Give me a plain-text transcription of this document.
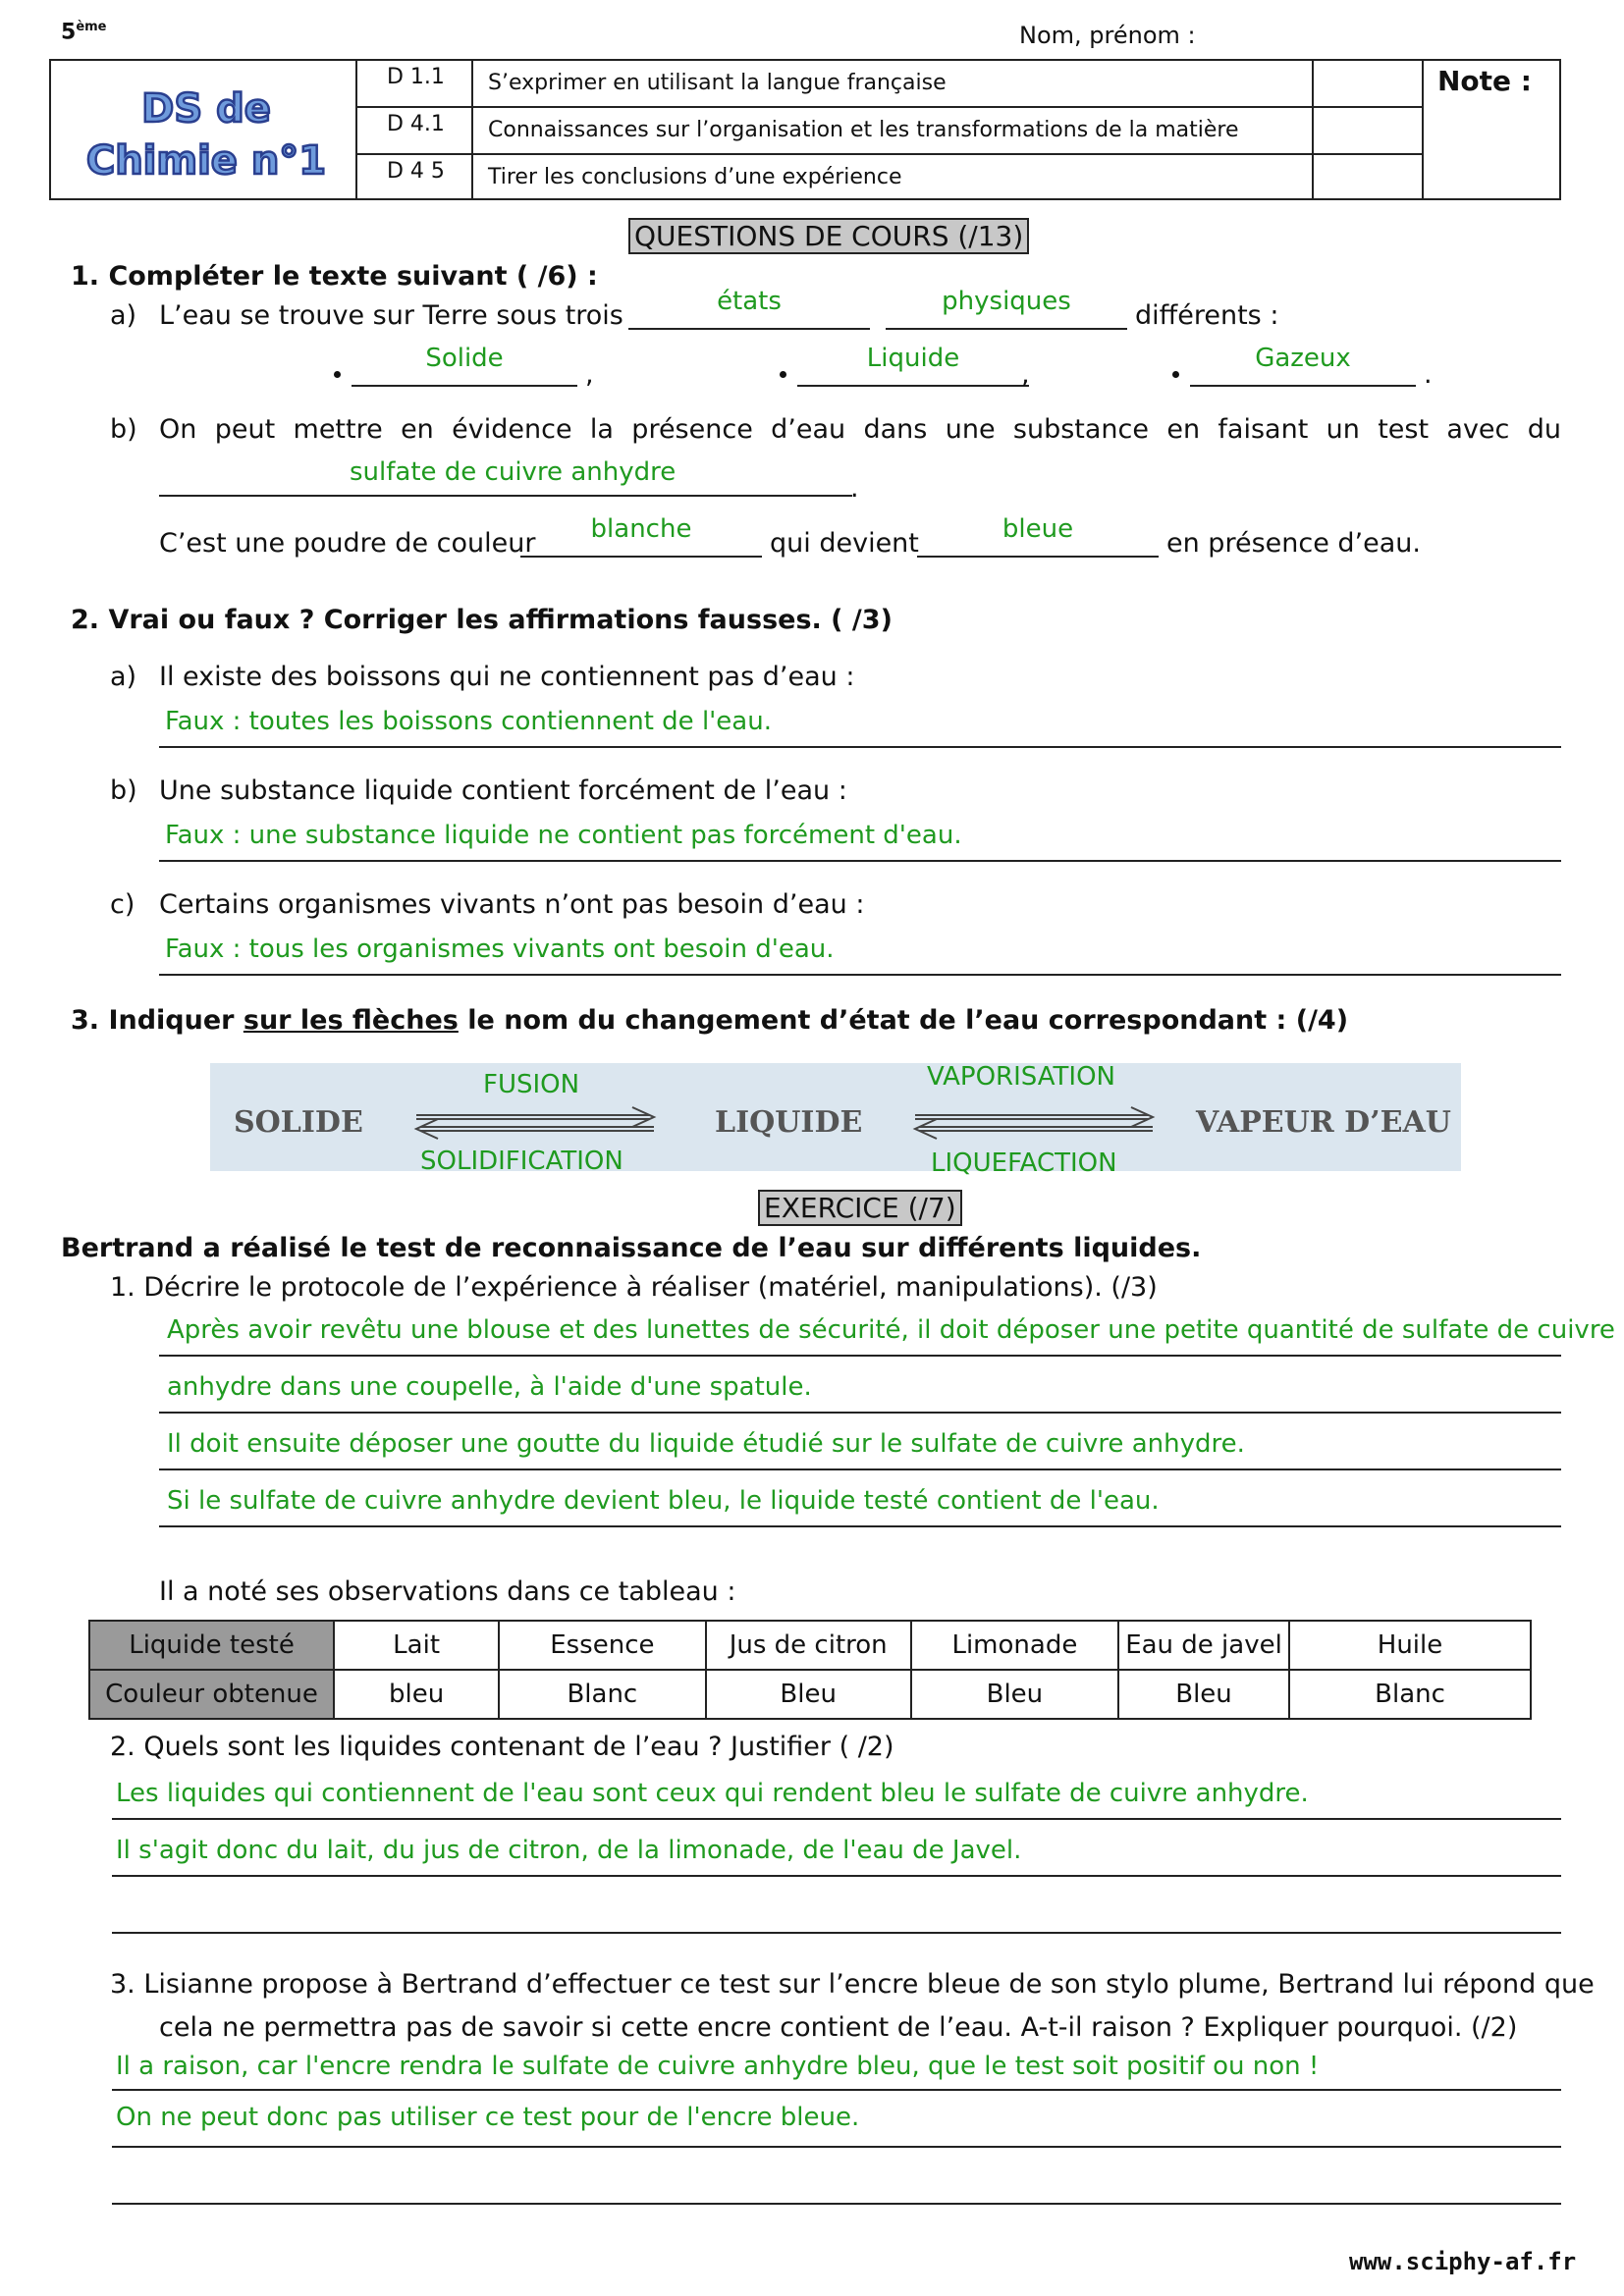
5ème	Nom, prénom :
DS de
Chimie n°1
D 1.1 S’exprimer en utilisant la langue française
D 4.1 Connaissances sur l’organisation et les transformations de la matière
D 4 5 Tirer les conclusions d’une expérience
Note :
QUESTIONS DE COURS (/13)
1. Compléter le texte suivant ( /6) :
a) L’eau se trouve sur Terre sous trois	états	physiques	différents :
Solide
,
Liquide
,
Gazeux
.
b) On peut mettre en évidence la présence d’eau dans une substance en faisant un test avec du
sulfate de cuivre anhydre
.
C’est une poudre de couleur	blanche	qui devient	bleue	en présence d’eau.
2. Vrai ou faux ? Corriger les affirmations fausses. ( /3)
a) Il existe des boissons qui ne contiennent pas d’eau :
Faux : toutes les boissons contiennent de l'eau.
b) Une substance liquide contient forcément de l’eau :
Faux : une substance liquide ne contient pas forcément d'eau.
c) Certains organismes vivants n’ont pas besoin d’eau :
Faux : tous les organismes vivants ont besoin d'eau.
3. Indiquer sur les flèches le nom du changement d’état de l’eau correspondant : (/4)
SOLIDE	LIQUIDE	VAPEUR D’EAU
FUSION
SOLIDIFICATION
VAPORISATION
LIQUEFACTION
EXERCICE (/7)
Bertrand a réalisé le test de reconnaissance de l’eau sur différents liquides.
1. Décrire le protocole de l’expérience à réaliser (matériel, manipulations). (/3)
Après avoir revêtu une blouse et des lunettes de sécurité, il doit déposer une petite quantité de sulfate de cuivre
anhydre dans une coupelle, à l'aide d'une spatule.
Il doit ensuite déposer une goutte du liquide étudié sur le sulfate de cuivre anhydre.
Si le sulfate de cuivre anhydre devient bleu, le liquide testé contient de l'eau.
Il a noté ses observations dans ce tableau :
Liquide testé	Lait	Essence	Jus de citron	Limonade	Eau de javel	Huile
Couleur obtenue	bleu	Blanc	Bleu	Bleu	Bleu	Blanc
2. Quels sont les liquides contenant de l’eau ? Justifier ( /2)
Les liquides qui contiennent de l'eau sont ceux qui rendent bleu le sulfate de cuivre anhydre.
Il s'agit donc du lait, du jus de citron, de la limonade, de l'eau de Javel.
3. Lisianne propose à Bertrand d’effectuer ce test sur l’encre bleue de son stylo plume, Bertrand lui répond que
cela ne permettra pas de savoir si cette encre contient de l’eau. A-t-il raison ? Expliquer pourquoi. (/2)
Il a raison, car l'encre rendra le sulfate de cuivre anhydre bleu, que le test soit positif ou non !
On ne peut donc pas utiliser ce test pour de l'encre bleue.
www.sciphy-af.fr
